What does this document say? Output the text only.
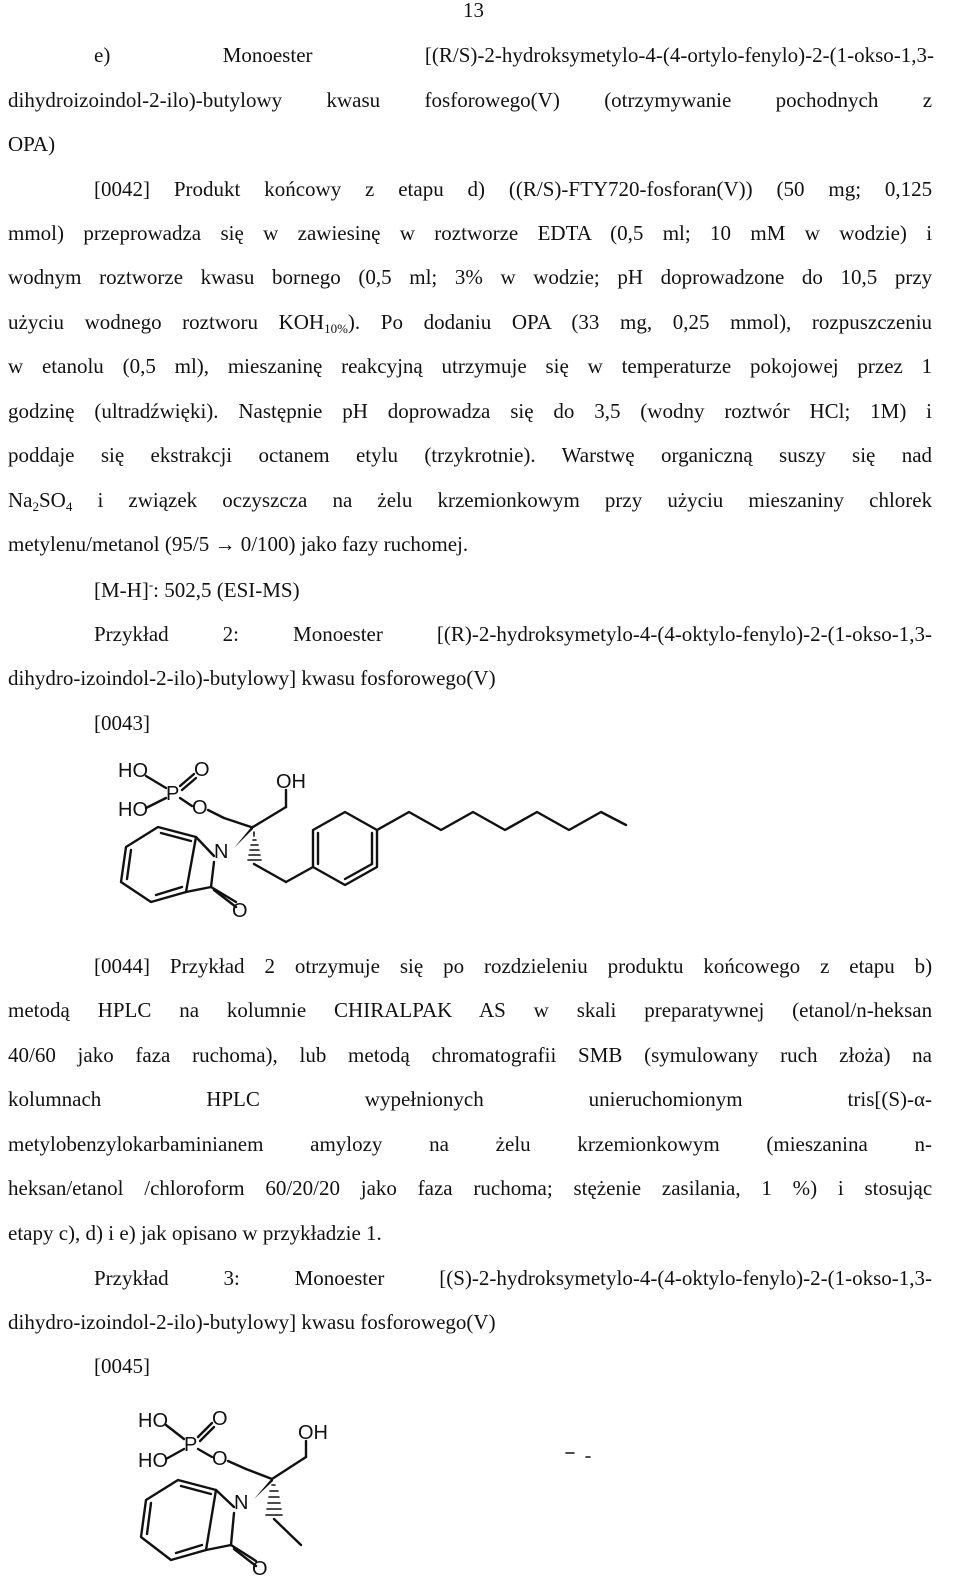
13
e)	Monoester	[(R/S)-2-hydroksymetylo-4-(4-ortylo-fenylo)-2-(1-okso-1,3-
dihydroizoindol-2-ilo)-butylowy kwasu fosforowego(V) (otrzymywanie pochodnych z
OPA)
[0042] Produkt końcowy z etapu d) ((R/S)-FTY720-fosforan(V)) (50 mg; 0,125
mmol) przeprowadza się w zawiesinę w roztworze EDTA (0,5 ml; 10 mM w wodzie) i
wodnym roztworze kwasu bornego (0,5 ml; 3% w wodzie; pH doprowadzone do 10,5 przy
użyciu wodnego roztworu $KOH_{10\%}$). Po dodaniu OPA (33 mg, 0,25 mmol), rozpuszczeniu
w etanolu (0,5 ml), mieszaninę reakcyjną utrzymuje się w temperaturze pokojowej przez 1
godzinę (ultradźwięki). Następnie pH doprowadza się do 3,5 (wodny roztwór HCl; 1M) i
poddaje się ekstrakcji octanem etylu (trzykrotnie). Warstwę organiczną suszy się nad
$Na_2SO_4$ i związek oczyszcza na żelu krzemionkowym przy użyciu mieszaniny chlorek
metylenu/metanol (95/5 → 0/100) jako fazy ruchomej.
[M-H]-: 502,5 (ESI-MS)
Przykład	2:	Monoester	[(R)-2-hydroksymetylo-4-(4-oktylo-fenylo)-2-(1-okso-1,3-
dihydro-izoindol-2-ilo)-butylowy] kwasu fosforowego(V)
[0043]
HO
P
O
HO O
OH
N
O
[0044] Przykład 2 otrzymuje się po rozdzieleniu produktu końcowego z etapu b)
metodą HPLC na kolumnie CHIRALPAK AS w skali preparatywnej (etanol/n-heksan
40/60 jako faza ruchoma), lub metodą chromatografii SMB (symulowany ruch złoża) na
kolumnach	HPLC	wypełnionych	unieruchomionym	tris[(S)-α-
metylobenzylokarbaminianem amylozy na żelu krzemionkowym (mieszanina n-
heksan/etanol /chloroform 60/20/20 jako faza ruchoma; stężenie zasilania, 1 %) i stosując
etapy c), d) i e) jak opisano w przykładzie 1.
Przykład	3:	Monoester	[(S)-2-hydroksymetylo-4-(4-oktylo-fenylo)-2-(1-okso-1,3-
dihydro-izoindol-2-ilo)-butylowy] kwasu fosforowego(V)
[0045]
HO
P
O
HO O
OH
N
O
